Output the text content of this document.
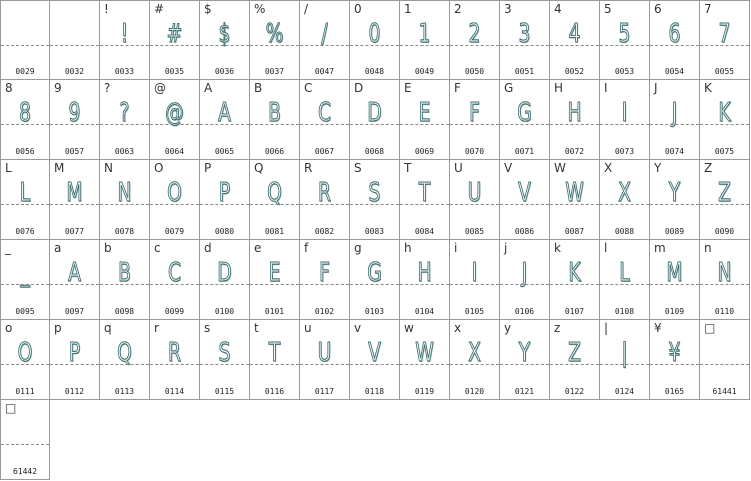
0029	0032
!
!
0033
#
#
0035
$
$
0036
%
%
0037
/
/
0047
0
0
0048
1
1
0049
2
2
0050
3
3
0051
4
4
0052
5
5
0053
6
6
0054
7
7
0055
8
8
0056
9
9
0057
?
?
0063
@
@
0064
A
A
0065
B
B
0066
C
C
0067
D
D
0068
E
E
0069
F
F
0070
G
G
0071
H
H
0072
I
I
0073
J
J
0074
K
K
0075
L
L
0076
M
M
0077
N
N
0078
O
O
0079
P
P
0080
Q
Q
0081
R
R
0082
S
S
0083
T
T
0084
U
U
0085
V
V
0086
W
W
0087
X
X
0088
Y
Y
0089
Z
Z
0090
_
_
0095
a
A
0097
b
B
0098
c
C
0099
d
D
0100
e
E
0101
f
F
0102
g
G
0103
h
H
0104
i
I
0105
j
J
0106
k
K
0107
l
L
0108
m
M
0109
n
N
0110
o
O
0111
p
P
0112
q
Q
0113
r
R
0114
s
S
0115
t
T
0116
u
U
0117
v
V
0118
w
W
0119
x
X
0120
y
Y
0121
z
Z
0122
|
|
0124
¥
¥
0165
□
61441
□
61442
